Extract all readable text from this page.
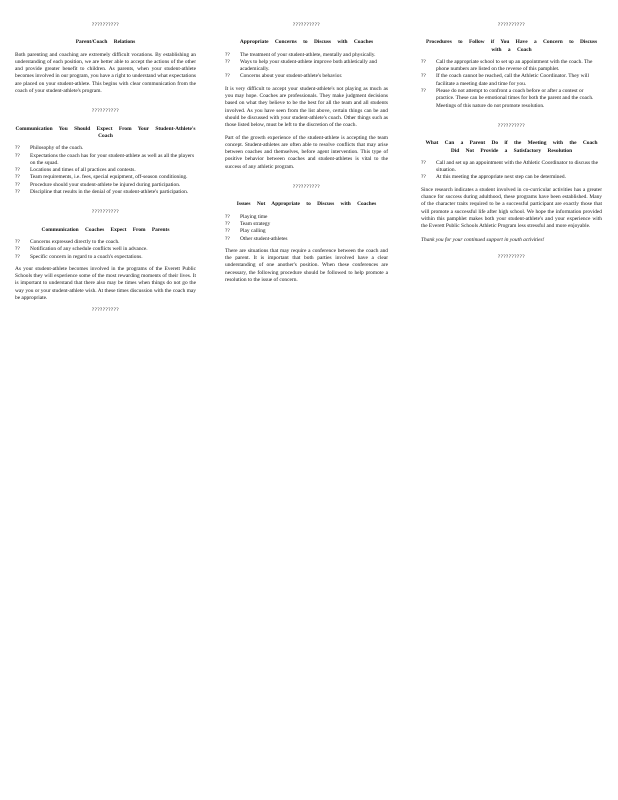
??????????
Parent/Coach Relations
Both parenting and coaching are extremely difficult vocations. By establishing an understanding of each position, we are better able to accept the actions of the other and provide greater benefit to children. As parents, when your student-athlete becomes involved in our program, you have a right to understand what expectations are placed on your student-athlete. This begins with clear communication from the coach of your student-athlete's program.
??????????
Communication You Should Expect From Your Student-Athlete's Coach
?? Philosophy of the coach.
?? Expectations the coach has for your student-athlete as well as all the players on the squad.
?? Locations and times of all practices and contests.
?? Team requirements, i.e. fees, special equipment, off-season conditioning.
?? Procedure should your student-athlete be injured during participation.
?? Discipline that results in the denial of your student-athlete's participation.
??????????
Communication Coaches Expect From Parents
?? Concerns expressed directly to the coach.
?? Notification of any schedule conflicts well in advance.
?? Specific concern in regard to a coach's expectations.
As your student-athlete becomes involved in the programs of the Everett Public Schools they will experience some of the most rewarding moments of their lives. It is important to understand that there also may be times when things do not go the way you or your student-athlete wish. At these times discussion with the coach may be appropriate.
??????????
??????????
Appropriate Concerns to Discuss with Coaches
?? The treatment of your student-athlete, mentally and physically.
?? Ways to help your student-athlete improve both athletically and academically.
?? Concerns about your student-athlete's behavior.
It is very difficult to accept your student-athlete's not playing as much as you may hope. Coaches are professionals. They make judgment decisions based on what they believe to be the best for all the team and all students involved. As you have seen from the list above, certain things can be and should be discussed with your student-athlete's coach. Other things such as those listed below, must be left to the discretion of the coach.
Part of the growth experience of the student-athlete is accepting the team concept. Student-athletes are often able to resolve conflicts that may arise between coaches and themselves, before agent intervention. This type of positive behavior between coaches and student-athletes is vital to the success of any athletic program.
??????????
Issues Not Appropriate to Discuss with Coaches
?? Playing time
?? Team strategy
?? Play calling
?? Other student-athletes
There are situations that may require a conference between the coach and the parent. It is important that both parties involved have a clear understanding of one another's position. When these conferences are necessary, the following procedure should be followed to help promote a resolution to the issue of concern.
??????????
Procedures to Follow if You Have a Concern to Discuss with a Coach
?? Call the appropriate school to set up an appointment with the coach. The phone numbers are listed on the reverse of this pamphlet.
?? If the coach cannot be reached, call the Athletic Coordinator. They will facilitate a meeting date and time for you.
?? Please do not attempt to confront a coach before or after a contest or practice. These can be emotional times for both the parent and the coach. Meetings of this nature do not promote resolution.
??????????
What Can a Parent Do if the Meeting with the Coach Did Not Provide a Satisfactory Resolution
?? Call and set up an appointment with the Athletic Coordinator to discuss the situation.
?? At this meeting the appropriate next step can be determined.
Since research indicates a student involved in co-curricular activities has a greater chance for success during adulthood, these programs have been established. Many of the character traits required to be a successful participant are exactly those that will promote a successful life after high school. We hope the information provided within this pamphlet makes both your student-athlete's and your experience with the Everett Public Schools Athletic Program less stressful and more enjoyable.
Thank you for your continued support in youth activities!
??????????
